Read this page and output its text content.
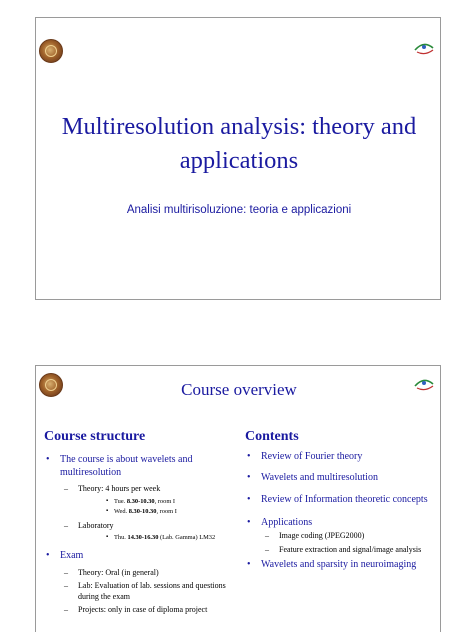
Multiresolution analysis: theory and applications
Analisi multirisoluzione: teoria e applicazioni
Course overview
Course structure
• The course is about wavelets and multiresolution
– Theory: 4 hours per week
▪ Tue. 8.30-10.30, room I
▪ Wed. 8.30-10.30, room I
– Laboratory
▪ Thu. 14.30-16.30 (Lab. Gamma) LM32
• Exam
– Theory: Oral (in general)
– Lab: Evaluation of lab. sessions and questions during the exam
– Projects: only in case of diploma project
Contents
• Review of Fourier theory
• Wavelets and multiresolution
• Review of Information theoretic concepts
• Applications
– Image coding (JPEG2000)
– Feature extraction and signal/image analysis
• Wavelets and sparsity in neuroimaging
